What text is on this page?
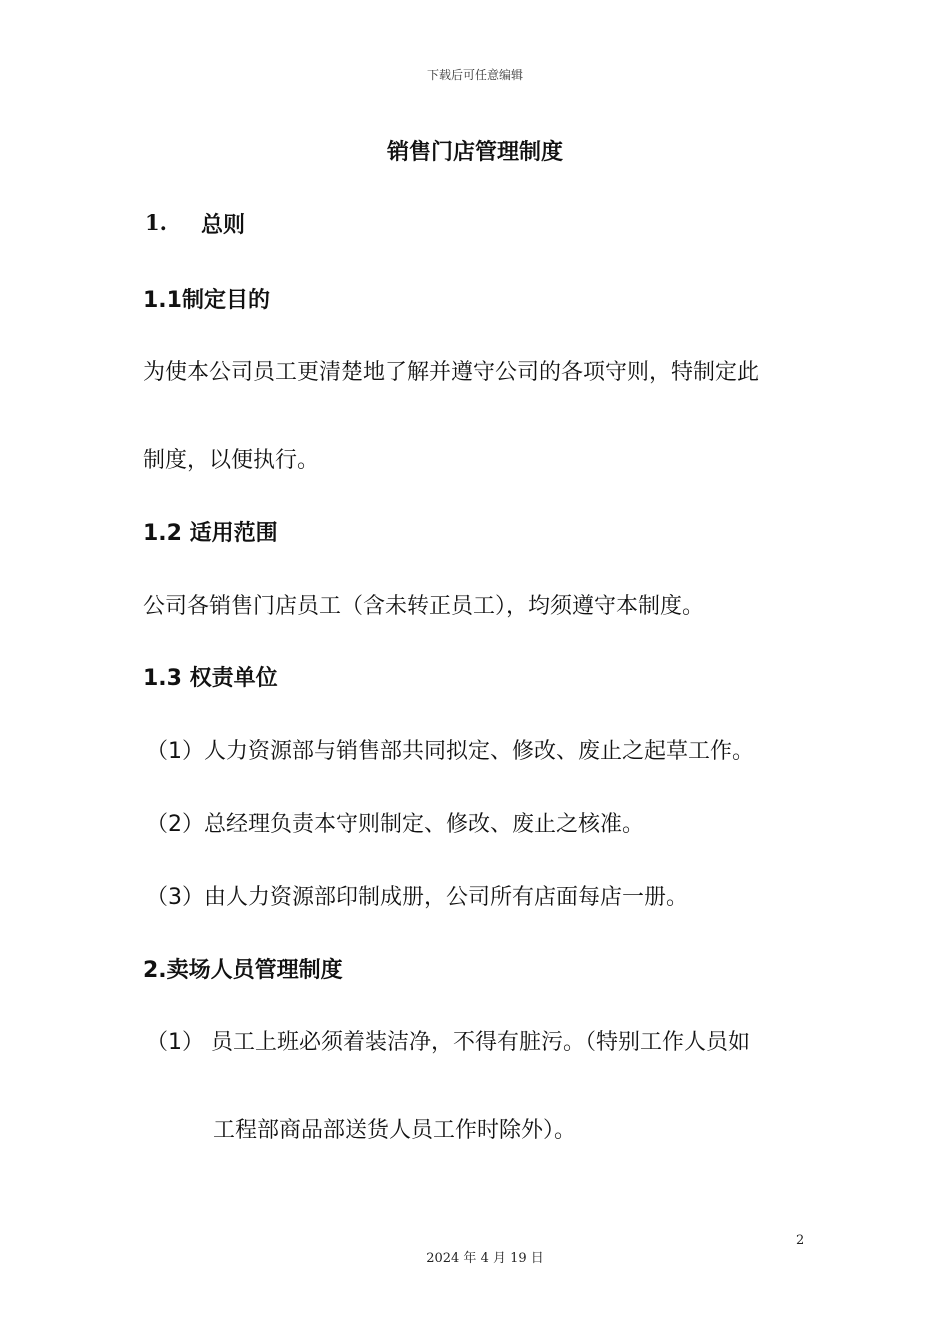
下载后可任意编辑
销售门店管理制度
1. 总则
1.1制定目的
为使本公司员工更清楚地了解并遵守公司的各项守则，特制定此
制度，以便执行。
1.2 适用范围
公司各销售门店员工（含未转正员工），均须遵守本制度。
1.3 权责单位
（1）人力资源部与销售部共同拟定、修改、废止之起草工作。
（2）总经理负责本守则制定、修改、废止之核准。
（3）由人力资源部印制成册，公司所有店面每店一册。
2.卖场人员管理制度
（1） 员工上班必须着装洁净，不得有脏污。（特别工作人员如
工程部商品部送货人员工作时除外）。
2
2024 年 4 月 19 日
